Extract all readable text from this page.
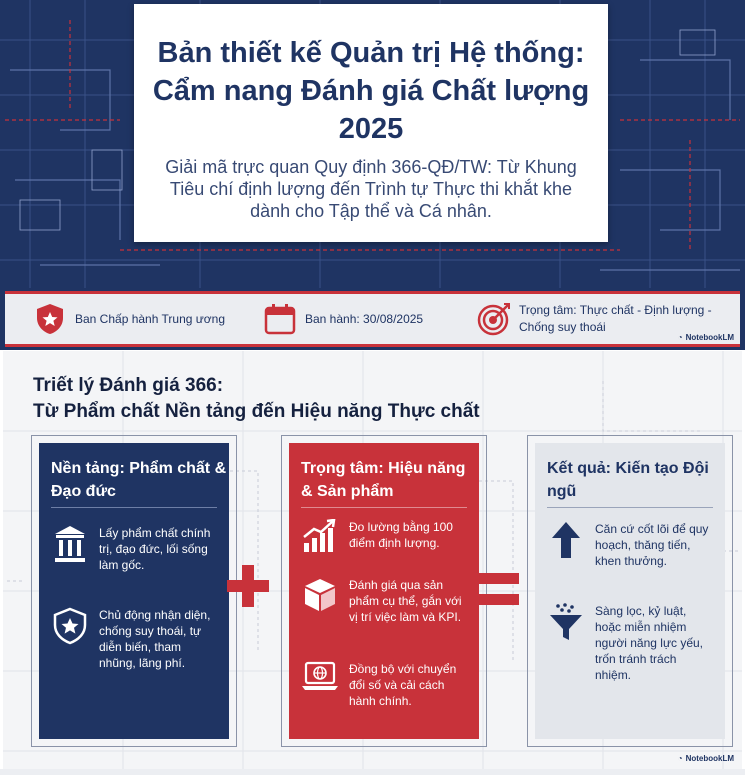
Bản thiết kế Quản trị Hệ thống: Cẩm nang Đánh giá Chất lượng 2025

Giải mã trực quan Quy định 366-QĐ/TW: Từ Khung Tiêu chí định lượng đến Trình tự Thực thi khắt khe dành cho Tập thể và Cá nhân.

Ban Chấp hành Trung ương	Ban hành: 30/08/2025
Trọng tâm: Thực chất - Định lượng - Chống suy thoái
◔ NotebookLM
Triết lý Đánh giá 366:
Từ Phẩm chất Nền tảng đến Hiệu năng Thực chất
Nền tảng: Phẩm chất & Đạo đức
Lấy phẩm chất chính trị, đạo đức, lối sống làm gốc.
Chủ động nhận diện, chống suy thoái, tự diễn biến, tham nhũng, lãng phí.
Trọng tâm: Hiệu năng & Sản phẩm
Đo lường bằng 100 điểm định lượng.
Đánh giá qua sản phẩm cụ thể, gắn với vị trí việc làm và KPI.
Đồng bộ với chuyển đổi số và cải cách hành chính.
Kết quả: Kiến tạo Đội ngũ
Căn cứ cốt lõi để quy hoạch, thăng tiến, khen thưởng.
Sàng lọc, kỷ luật, hoặc miễn nhiệm người năng lực yếu, trốn tránh trách nhiệm.
◔ NotebookLM
